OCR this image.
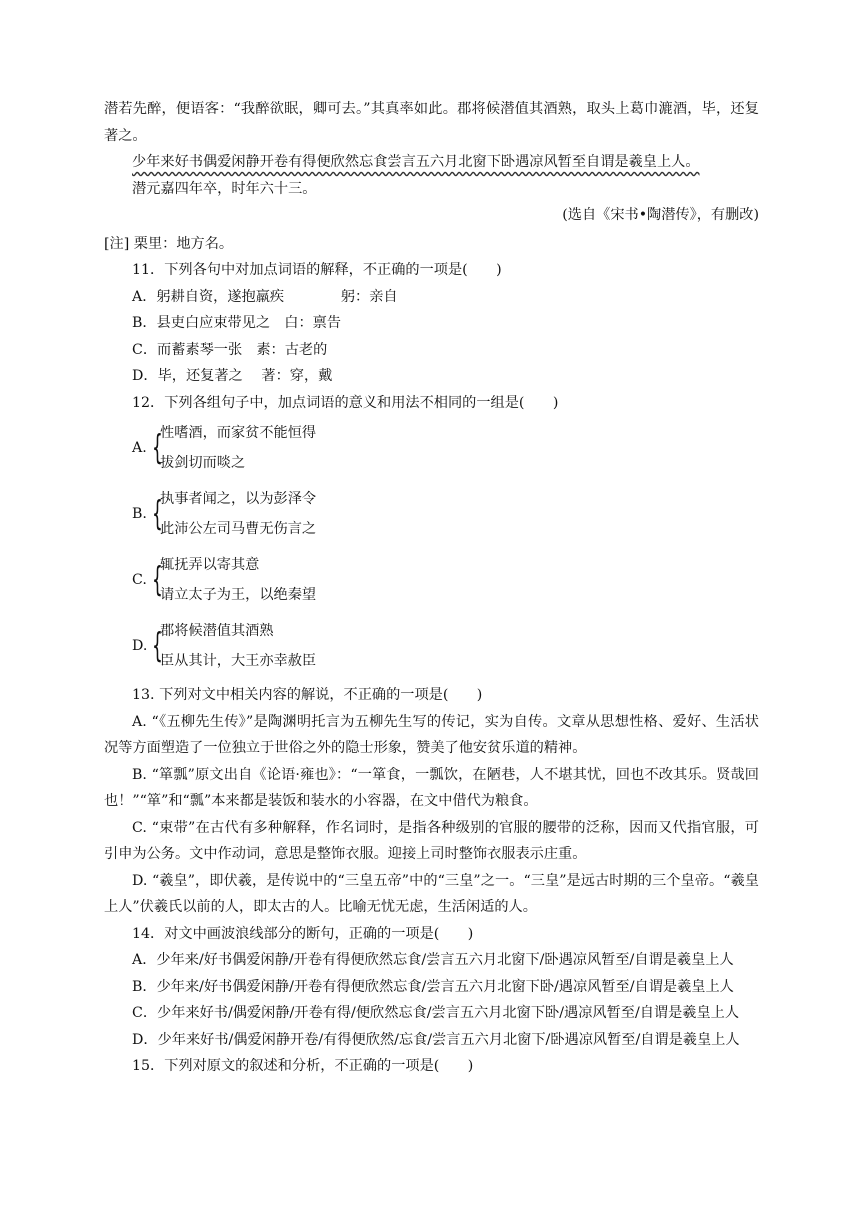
潜若先醉，便语客：“我醉欲眠，卿可去。”其真率如此。郡将候潜值其酒熟，取头上葛巾漉酒，毕，还复著之。

少年来好书偶爱闲静开卷有得便欣然忘食尝言五六月北窗下卧遇凉风暂至自谓是羲皇上人。

潜元嘉四年卒，时年六十三。

(选自《宋书•陶潜传》，有删改)

[注] 栗里：地方名。

11．下列各句中对加点词语的解释，不正确的一项是(　　)

A．躬耕自资，遂抱羸疾　　　　躬：亲自

B．县吏白应束带见之　白：禀告

C．而蓄素琴一张　素：古老的

D．毕，还复著之　 著：穿，戴

12．下列各组句子中，加点词语的意义和用法不相同的一组是(　　)

A. {
性嗜酒，而家贫不能恒得
拔剑切而啖之
B. {
执事者闻之，以为彭泽令
此沛公左司马曹无伤言之
C. {
辄抚弄以寄其意
请立太子为王，以绝秦望
D. {
郡将候潜值其酒熟
臣从其计，大王亦幸赦臣

13. 下列对文中相关内容的解说，不正确的一项是(　　)

A. “《五柳先生传》”是陶渊明托言为五柳先生写的传记，实为自传。文章从思想性格、爱好、生活状况等方面塑造了一位独立于世俗之外的隐士形象，赞美了他安贫乐道的精神。

B. “箪瓢”原文出自《论语·雍也》：“一箪食，一瓢饮，在陋巷，人不堪其忧，回也不改其乐。贤哉回也！”“箪”和“瓢”本来都是装饭和装水的小容器，在文中借代为粮食。

C. “束带”在古代有多种解释，作名词时，是指各种级别的官服的腰带的泛称，因而又代指官服，可引申为公务。文中作动词，意思是整饰衣服。迎接上司时整饰衣服表示庄重。

D. “羲皇”，即伏羲，是传说中的“三皇五帝”中的“三皇”之一。“三皇”是远古时期的三个皇帝。“羲皇上人”伏羲氏以前的人，即太古的人。比喻无忧无虑，生活闲适的人。

14．对文中画波浪线部分的断句，正确的一项是(　　)

A．少年来/好书偶爱闲静/开卷有得便欣然忘食/尝言五六月北窗下/卧遇凉风暂至/自谓是羲皇上人

B．少年来/好书偶爱闲静/开卷有得便欣然忘食/尝言五六月北窗下卧/遇凉风暂至/自谓是羲皇上人

C．少年来好书/偶爱闲静/开卷有得/便欣然忘食/尝言五六月北窗下卧/遇凉风暂至/自谓是羲皇上人

D．少年来好书/偶爱闲静开卷/有得便欣然/忘食/尝言五六月北窗下/卧遇凉风暂至/自谓是羲皇上人

15．下列对原文的叙述和分析，不正确的一项是(　　)
